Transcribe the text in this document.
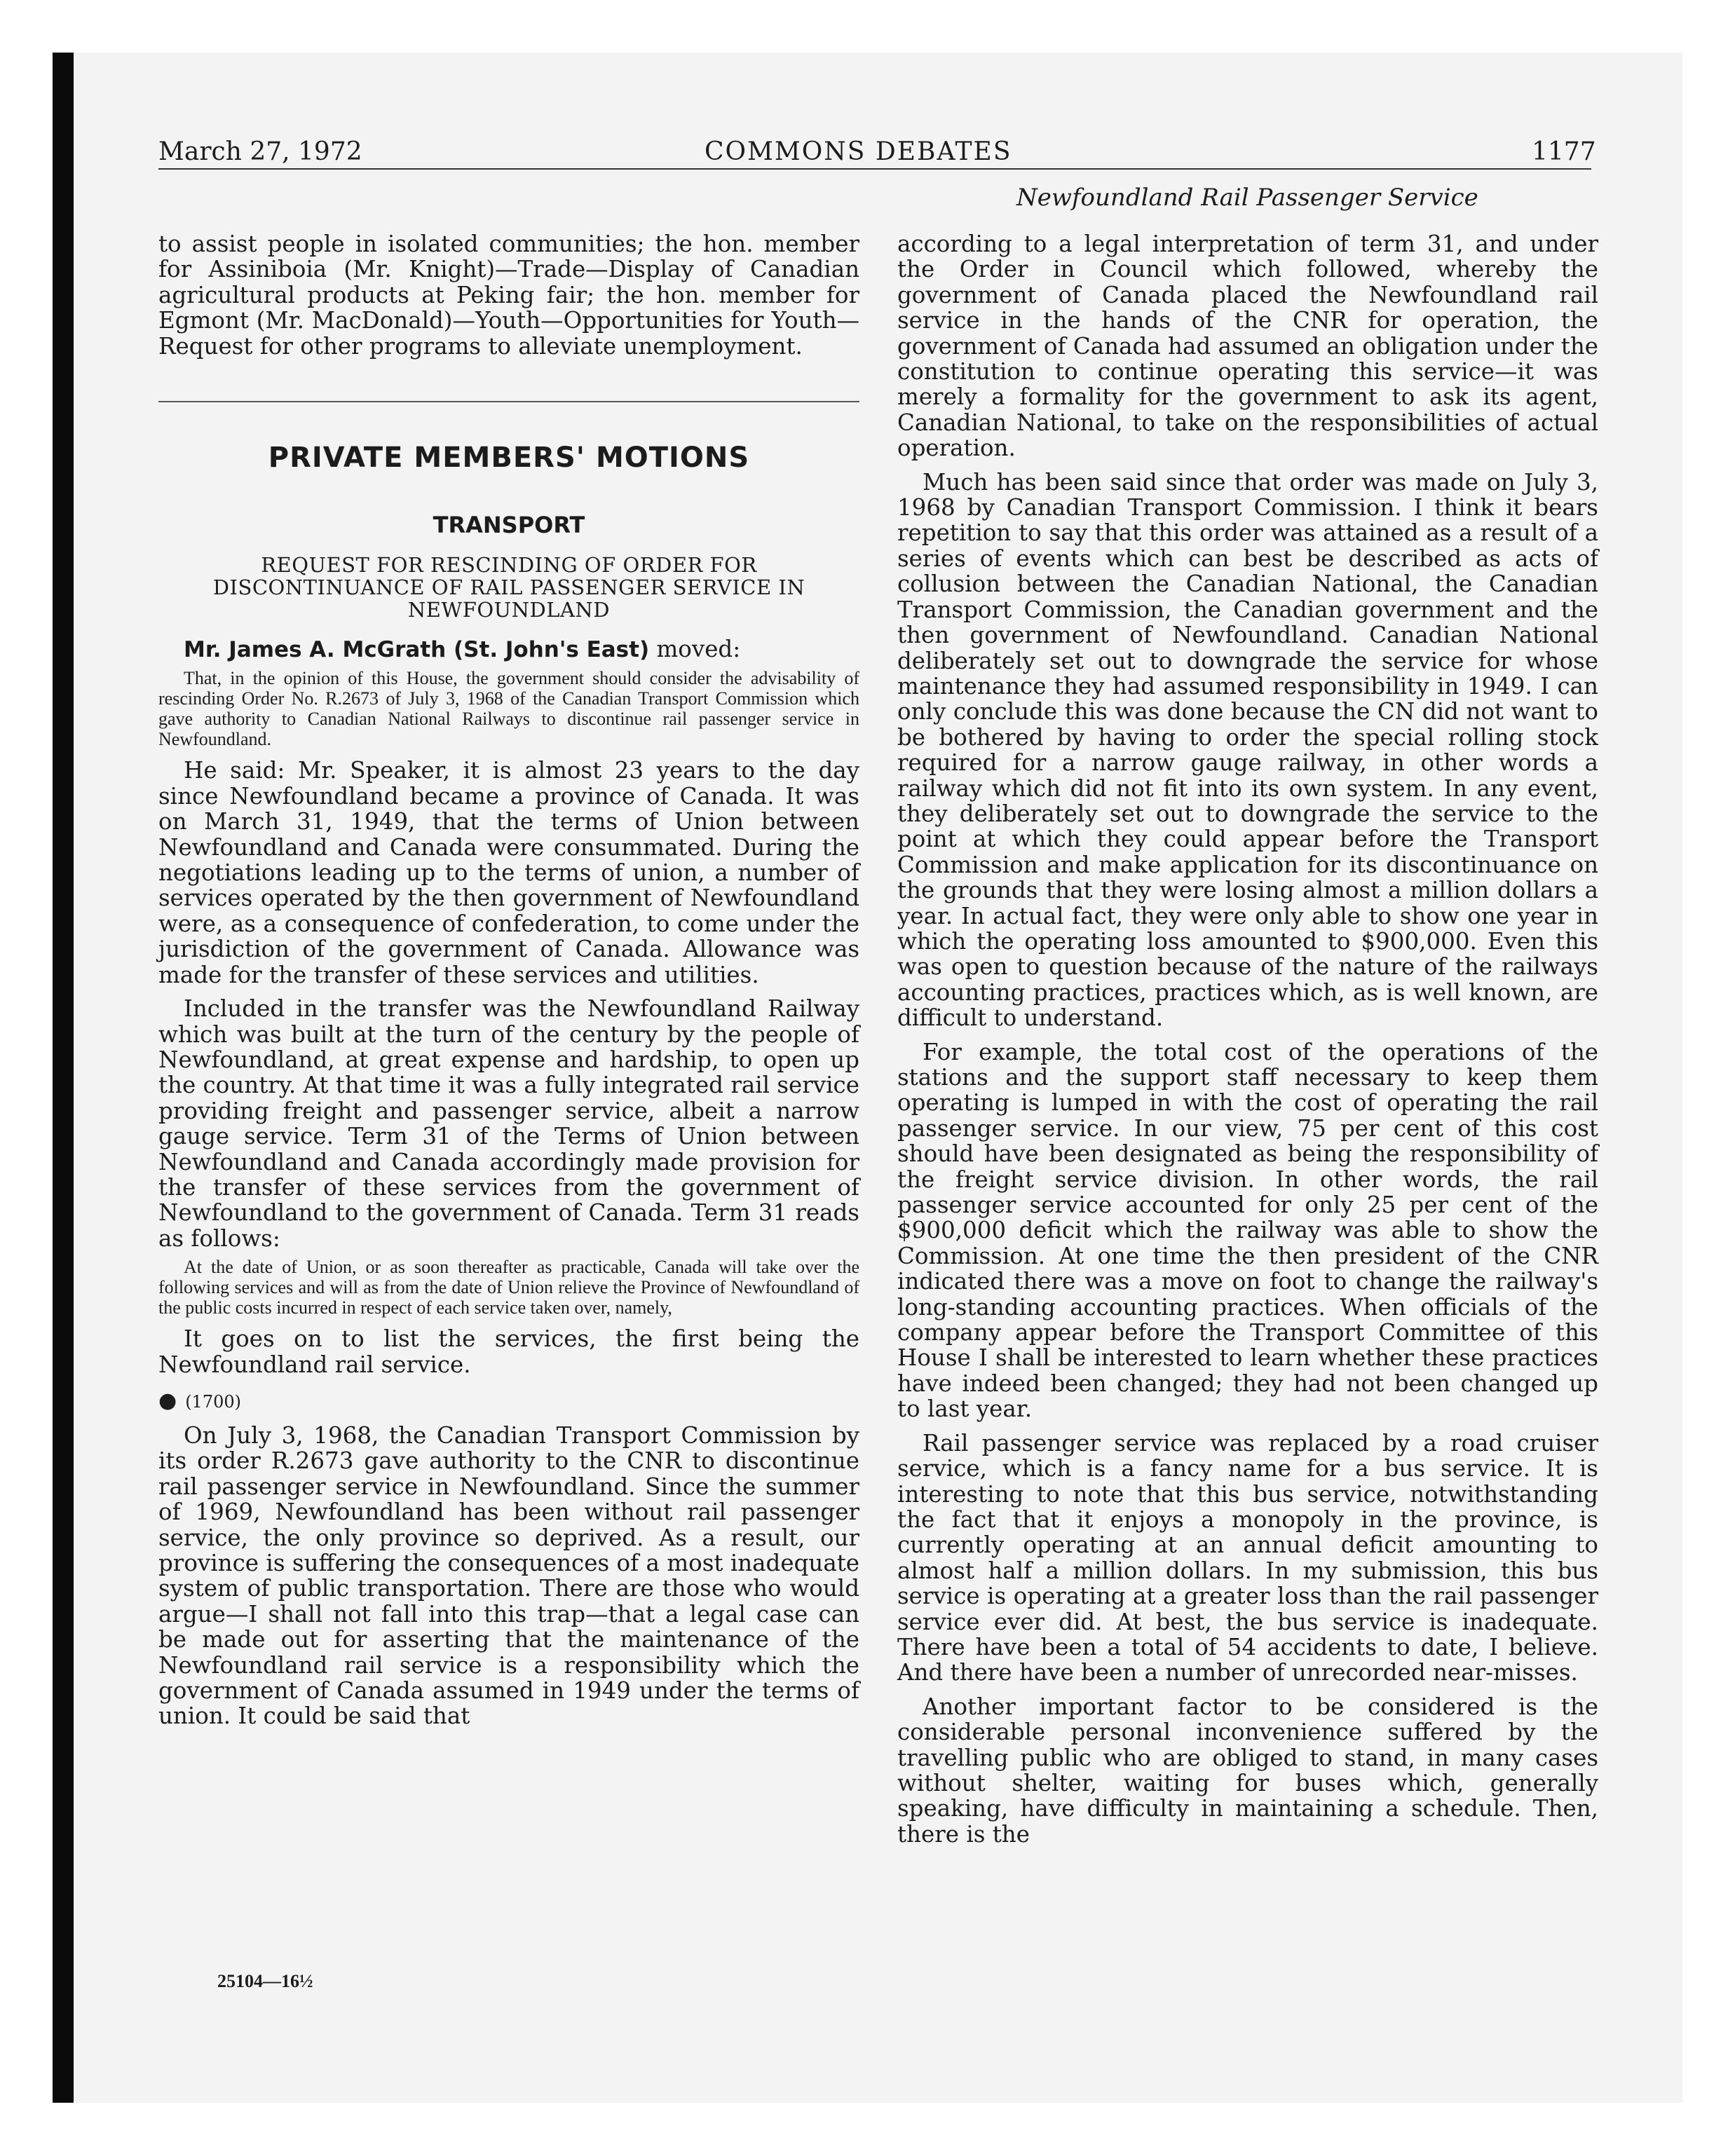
March 27, 1972	COMMONS DEBATES	1177
Newfoundland Rail Passenger Service

to assist people in isolated communities; the hon. member for Assiniboia (Mr. Knight)—Trade—Display of Canadian agricultural products at Peking fair; the hon. member for Egmont (Mr. MacDonald)—Youth—Opportunities for Youth—Request for other programs to alleviate unemployment.

PRIVATE MEMBERS' MOTIONS
TRANSPORT
REQUEST FOR RESCINDING OF ORDER FOR DISCONTINUANCE OF RAIL PASSENGER SERVICE IN NEWFOUNDLAND
Mr. James A. McGrath (St. John's East) moved:
That, in the opinion of this House, the government should consider the advisability of rescinding Order No. R.2673 of July 3, 1968 of the Canadian Transport Commission which gave authority to Canadian National Railways to discontinue rail passenger service in Newfoundland.

He said: Mr. Speaker, it is almost 23 years to the day since Newfoundland became a province of Canada. It was on March 31, 1949, that the terms of Union between Newfoundland and Canada were consummated. During the negotiations leading up to the terms of union, a number of services operated by the then government of Newfoundland were, as a consequence of confederation, to come under the jurisdiction of the government of Canada. Allowance was made for the transfer of these services and utilities.

Included in the transfer was the Newfoundland Railway which was built at the turn of the century by the people of Newfoundland, at great expense and hardship, to open up the country. At that time it was a fully integrated rail service providing freight and passenger service, albeit a narrow gauge service. Term 31 of the Terms of Union between Newfoundland and Canada accordingly made provision for the transfer of these services from the government of Newfoundland to the government of Canada. Term 31 reads as follows:

At the date of Union, or as soon thereafter as practicable, Canada will take over the following services and will as from the date of Union relieve the Province of Newfoundland of the public costs incurred in respect of each service taken over, namely,

It goes on to list the services, the first being the Newfoundland rail service.

● (1700)

On July 3, 1968, the Canadian Transport Commission by its order R.2673 gave authority to the CNR to discontinue rail passenger service in Newfoundland. Since the summer of 1969, Newfoundland has been without rail passenger service, the only province so deprived. As a result, our province is suffering the consequences of a most inadequate system of public transportation. There are those who would argue—I shall not fall into this trap—that a legal case can be made out for asserting that the maintenance of the Newfoundland rail service is a responsibility which the government of Canada assumed in 1949 under the terms of union. It could be said that

according to a legal interpretation of term 31, and under the Order in Council which followed, whereby the government of Canada placed the Newfoundland rail service in the hands of the CNR for operation, the government of Canada had assumed an obligation under the constitution to continue operating this service—it was merely a formality for the government to ask its agent, Canadian National, to take on the responsibilities of actual operation.

Much has been said since that order was made on July 3, 1968 by Canadian Transport Commission. I think it bears repetition to say that this order was attained as a result of a series of events which can best be described as acts of collusion between the Canadian National, the Canadian Transport Commission, the Canadian government and the then government of Newfoundland. Canadian National deliberately set out to downgrade the service for whose maintenance they had assumed responsibility in 1949. I can only conclude this was done because the CN did not want to be bothered by having to order the special rolling stock required for a narrow gauge railway, in other words a railway which did not fit into its own system. In any event, they deliberately set out to downgrade the service to the point at which they could appear before the Transport Commission and make application for its discontinuance on the grounds that they were losing almost a million dollars a year. In actual fact, they were only able to show one year in which the operating loss amounted to $900,000. Even this was open to question because of the nature of the railways accounting practices, practices which, as is well known, are difficult to understand.

For example, the total cost of the operations of the stations and the support staff necessary to keep them operating is lumped in with the cost of operating the rail passenger service. In our view, 75 per cent of this cost should have been designated as being the responsibility of the freight service division. In other words, the rail passenger service accounted for only 25 per cent of the $900,000 deficit which the railway was able to show the Commission. At one time the then president of the CNR indicated there was a move on foot to change the railway's long-standing accounting practices. When officials of the company appear before the Transport Committee of this House I shall be interested to learn whether these practices have indeed been changed; they had not been changed up to last year.

Rail passenger service was replaced by a road cruiser service, which is a fancy name for a bus service. It is interesting to note that this bus service, notwithstanding the fact that it enjoys a monopoly in the province, is currently operating at an annual deficit amounting to almost half a million dollars. In my submission, this bus service is operating at a greater loss than the rail passenger service ever did. At best, the bus service is inadequate. There have been a total of 54 accidents to date, I believe. And there have been a number of unrecorded near-misses.

Another important factor to be considered is the considerable personal inconvenience suffered by the travelling public who are obliged to stand, in many cases without shelter, waiting for buses which, generally speaking, have difficulty in maintaining a schedule. Then, there is the

25104—16½
